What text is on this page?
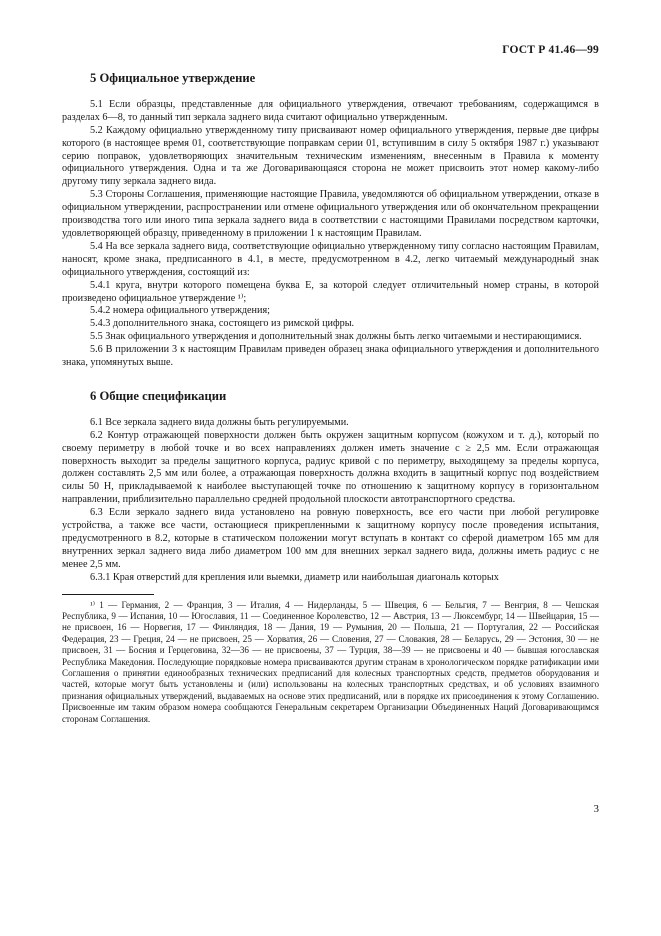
ГОСТ Р 41.46—99
5 Официальное утверждение

5.1 Если образцы, представленные для официального утверждения, отвечают требованиям, содержащимся в разделах 6—8, то данный тип зеркала заднего вида считают официально утвержденным.

5.2 Каждому официально утвержденному типу присваивают номер официального утверждения, первые две цифры которого (в настоящее время 01, соответствующие поправкам серии 01, вступившим в силу 5 октября 1987 г.) указывают серию поправок, удовлетворяющих значительным техническим изменениям, внесенным в Правила к моменту официального утверждения. Одна и та же Договаривающаяся сторона не может присвоить этот номер какому-либо другому типу зеркала заднего вида.

5.3 Стороны Соглашения, применяющие настоящие Правила, уведомляются об официальном утверждении, отказе в официальном утверждении, распространении или отмене официального утверждения или об окончательном прекращении производства того или иного типа зеркала заднего вида в соответствии с настоящими Правилами посредством карточки, удовлетворяющей образцу, приведенному в приложении 1 к настоящим Правилам.

5.4 На все зеркала заднего вида, соответствующие официально утвержденному типу согласно настоящим Правилам, наносят, кроме знака, предписанного в 4.1, в месте, предусмотренном в 4.2, легко читаемый международный знак официального утверждения, состоящий из:

5.4.1 круга, внутри которого помещена буква Е, за которой следует отличительный номер страны, в которой произведено официальное утверждение ¹⁾;

5.4.2 номера официального утверждения;

5.4.3 дополнительного знака, состоящего из римской цифры.

5.5 Знак официального утверждения и дополнительный знак должны быть легко читаемыми и нестирающимися.

5.6 В приложении 3 к настоящим Правилам приведен образец знака официального утверждения и дополнительного знака, упомянутых выше.

6 Общие спецификации

6.1 Все зеркала заднего вида должны быть регулируемыми.

6.2 Контур отражающей поверхности должен быть окружен защитным корпусом (кожухом и т. д.), который по своему периметру в любой точке и во всех направлениях должен иметь значение c ≥ 2,5 мм. Если отражающая поверхность выходит за пределы защитного корпуса, радиус кривой c по периметру, выходящему за пределы корпуса, должен составлять 2,5 мм или более, а отражающая поверхность должна входить в защитный корпус под воздействием силы 50 Н, прикладываемой к наиболее выступающей точке по отношению к защитному корпусу в горизонтальном направлении, приблизительно параллельно средней продольной плоскости автотранспортного средства.

6.3 Если зеркало заднего вида установлено на ровную поверхность, все его части при любой регулировке устройства, а также все части, остающиеся прикрепленными к защитному корпусу после проведения испытания, предусмотренного в 8.2, которые в статическом положении могут вступать в контакт со сферой диаметром 165 мм для внутренних зеркал заднего вида либо диаметром 100 мм для внешних зеркал заднего вида, должны иметь радиус c не менее 2,5 мм.

6.3.1 Края отверстий для крепления или выемки, диаметр или наибольшая диагональ которых

¹⁾ 1 — Германия, 2 — Франция, 3 — Италия, 4 — Нидерланды, 5 — Швеция, 6 — Бельгия, 7 — Венгрия, 8 — Чешская Республика, 9 — Испания, 10 — Югославия, 11 — Соединенное Королевство, 12 — Австрия, 13 — Люксембург, 14 — Швейцария, 15 — не присвоен, 16 — Норвегия, 17 — Финляндия, 18 — Дания, 19 — Румыния, 20 — Польша, 21 — Португалия, 22 — Российская Федерация, 23 — Греция, 24 — не присвоен, 25 — Хорватия, 26 — Словения, 27 — Словакия, 28 — Беларусь, 29 — Эстония, 30 — не присвоен, 31 — Босния и Герцеговина, 32—36 — не присвоены, 37 — Турция, 38—39 — не присвоены и 40 — бывшая югославская Республика Македония. Последующие порядковые номера присваиваются другим странам в хронологическом порядке ратификации ими Соглашения о принятии единообразных технических предписаний для колесных транспортных средств, предметов оборудования и частей, которые могут быть установлены и (или) использованы на колесных транспортных средствах, и об условиях взаимного признания официальных утверждений, выдаваемых на основе этих предписаний, или в порядке их присоединения к этому Соглашению. Присвоенные им таким образом номера сообщаются Генеральным секретарем Организации Объединенных Наций Договаривающимся сторонам Соглашения.

3
